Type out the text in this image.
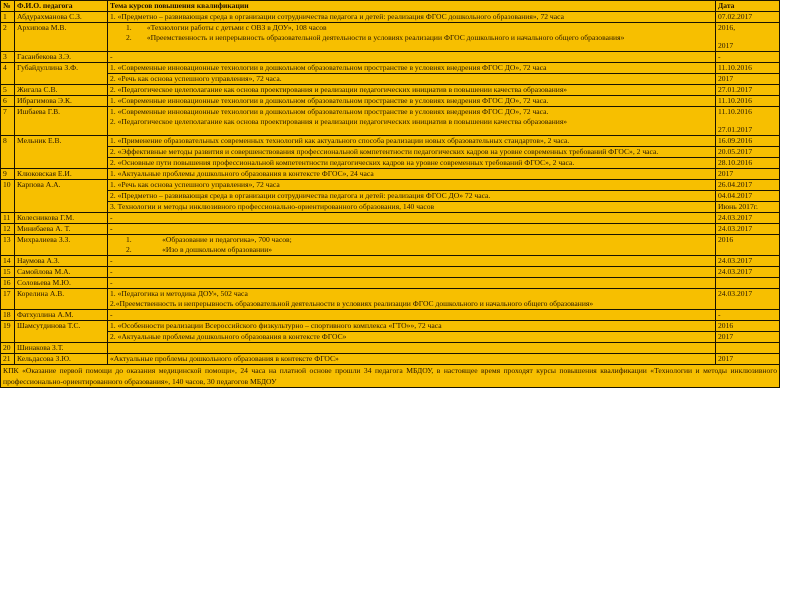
№	Ф.И.О. педагога	Тема курсов повышения квалификации	Дата
1	Абдурахманова С.З.	1. «Предметно – развивающая среда в организации сотрудничества педагога и детей: реализация ФГОС дошкольного образования», 72 часа	07.02.2017

2	Архипова М.В.	1.  «Технологии работы с детьми с ОВЗ в ДОУ», 108 часов
2.  «Преемственность и непрерывность образовательной деятельности в условиях реализации ФГОС дошкольного и начального общего образования»	2016,
2017

3	Гасанбекова З.Э.	-	-

4	Губайдуллина З.Ф.	1. «Современные инновационные технологии в дошкольном образовательном пространстве в условиях внедрения ФГОС ДО», 72 часа	11.10.2016
		2. «Речь как основа успешного управления», 72 часа.	2017
5	Жигала С.В.	2. «Педагогическое целеполагание как основа проектирования и реализации педагогических инициатив в повышении качества образования»	27.01.2017

6	Ибрагимова Э.К.	1. «Современные инновационные технологии в дошкольном образовательном пространстве в условиях внедрения ФГОС ДО», 72 часа.	11.10.2016

7	Ишбаева Г.В.	1. «Современные инновационные технологии в дошкольном образовательном пространстве в условиях внедрения ФГОС ДО», 72 часа.
2. «Педагогическое целеполагание как основа проектирования и реализации педагогических инициатив в повышении качества образования»	11.10.2016
27.01.2017

8	Мельник Е.В.	1. «Применение образовательных современных технологий как актуального способа реализации новых образовательных стандартов», 2 часа.	16.09.2016
		2. «Эффективные методы развития и совершенствования профессиональной компетентности педагогических кадров на уровне современных требований ФГОС», 2 часа.	20.05.2017
		2. «Основные пути повышения профессиональной компетентности педагогических кадров на уровне современных требований ФГОС», 2 часа.	28.10.2016
9	Клюковская Е.И.	1. «Актуальные проблемы дошкольного образования в контексте ФГОС», 24 часа	2017

10	Карпова А.А.	1. «Речь как основа успешного управления», 72 часа	26.04.2017
		2. «Предметно – развивающая среда в организации сотрудничества педагога и детей: реализация ФГОС ДО» 72 часа.	04.04.2017
		3. Технологии и методы инклюзивного профессионально-ориентированного образования, 140 часов	Июнь 2017г.
11	Колесникова Г.М.	-	24.03.2017

12	Минибаева А. Т.	-	24.03.2017

13	Михралиева З.З.	1.    «Образование и педагогика», 700 часов;
2.    «Изо в дошкольном образовании»	2016

14	Наумова А.З.	-	24.03.2017

15	Самойлова М.А.	-	24.03.2017

16	Соловьева М.Ю.	-	

17	Корелина А.В.	1. «Педагогика и методика ДОУ», 502 часа
2.«Преемственность и непрерывность образовательной деятельности в условиях реализации ФГОС дошкольного и начального общего образования»	24.03.2017

18	Фатхуллина А.М.	-	-

19	Шамсутдинова Т.С.	1. «Особенности реализации Всероссийского физкультурно – спортивного комплекса «ГТО»», 72 часа	2016
		2. «Актуальные проблемы дошкольного образования в контексте ФГОС»	2017
20	Шинакова З.Т.	

21	Кельдасова З.Ю.	«Актуальные проблемы дошкольного образования в контексте ФГОС»	2017

КПК «Оказание первой помощи до оказания медицинской помощи», 24 часа на платной основе прошли 34 педагога МБДОУ, в настоящее время проходят курсы повышения квалификации «Технологии и методы инклюзивного профессионально-ориентированного образования», 140 часов, 30 педагогов МБДОУ			
